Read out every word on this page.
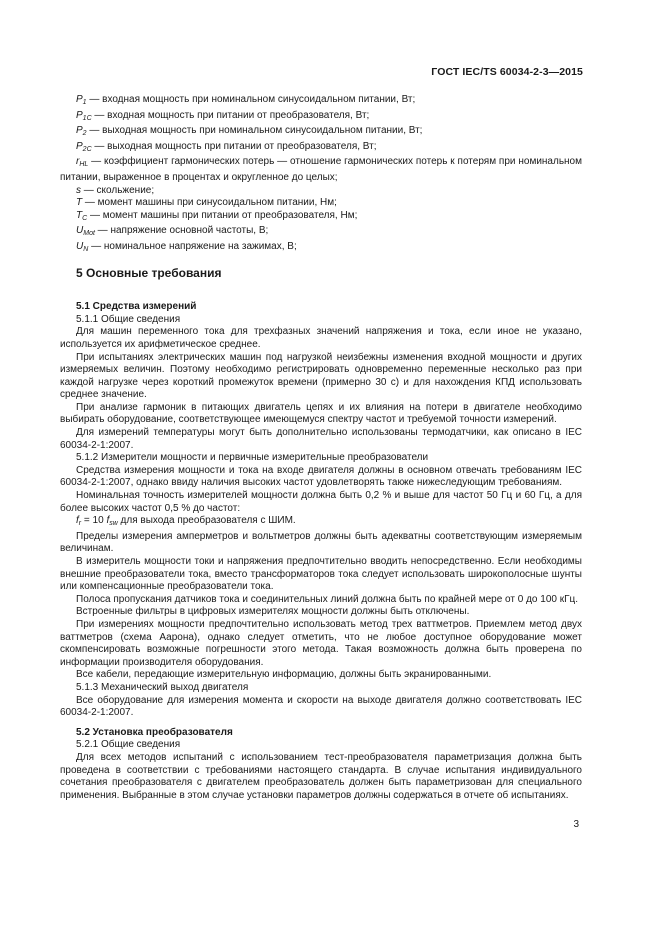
ГОСТ IEC/TS 60034-2-3—2015
$P_1$ — входная мощность при номинальном синусоидальном питании, Вт;
$P_{1С}$ — входная мощность при питании от преобразователя, Вт;
$P_2$ — выходная мощность при номинальном синусоидальном питании, Вт;
$P_{2С}$ — выходная мощность при питании от преобразователя, Вт;
$r_{HL}$ — коэффициент гармонических потерь — отношение гармонических потерь к потерям при номинальном питании, выраженное в процентах и округленное до целых;
s — скольжение;
T — момент машины при синусоидальном питании, Нм;
$T_C$ — момент машины при питании от преобразователя, Нм;
$U_{Mot}$ — напряжение основной частоты, В;
$U_N$ — номинальное напряжение на зажимах, В;
5 Основные требования
5.1 Средства измерений
5.1.1 Общие сведения
Для машин переменного тока для трехфазных значений напряжения и тока, если иное не указано, используется их арифметическое среднее.
При испытаниях электрических машин под нагрузкой неизбежны изменения входной мощности и других измеряемых величин. Поэтому необходимо регистрировать одновременно переменные несколько раз при каждой нагрузке через короткий промежуток времени (примерно 30 с) и для нахождения КПД использовать среднее значение.
При анализе гармоник в питающих двигатель цепях и их влияния на потери в двигателе необходимо выбирать оборудование, соответствующее имеющемуся спектру частот и требуемой точности измерений.
Для измерений температуры могут быть дополнительно использованы термодатчики, как описано в IEC 60034-2-1:2007.
5.1.2 Измерители мощности и первичные измерительные преобразователи
Средства измерения мощности и тока на входе двигателя должны в основном отвечать требованиям IEC 60034-2-1:2007, однако ввиду наличия высоких частот удовлетворять также нижеследующим требованиям.
Номинальная точность измерителей мощности должна быть 0,2 % и выше для частот 50 Гц и 60 Гц, а для более высоких частот 0,5 % до частот:
$f_r = 10$ $f_{sw}$ для выхода преобразователя с ШИМ.
Пределы измерения амперметров и вольтметров должны быть адекватны соответствующим измеряемым величинам.
В измеритель мощности токи и напряжения предпочтительно вводить непосредственно. Если необходимы внешние преобразователи тока, вместо трансформаторов тока следует использовать широкополосные шунты или компенсационные преобразователи тока.
Полоса пропускания датчиков тока и соединительных линий должна быть по крайней мере от 0 до 100 кГц.
Встроенные фильтры в цифровых измерителях мощности должны быть отключены.
При измерениях мощности предпочтительно использовать метод трех ваттметров. Приемлем метод двух ваттметров (схема Аарона), однако следует отметить, что не любое доступное оборудование может скомпенсировать возможные погрешности этого метода. Такая возможность должна быть проверена по информации производителя оборудования.
Все кабели, передающие измерительную информацию, должны быть экранированными.
5.1.3 Механический выход двигателя
Все оборудование для измерения момента и скорости на выходе двигателя должно соответствовать IEC 60034-2-1:2007.
5.2 Установка преобразователя
5.2.1 Общие сведения
Для всех методов испытаний с использованием тест-преобразователя параметризация должна быть проведена в соответствии с требованиями настоящего стандарта. В случае испытания индивидуального сочетания преобразователя с двигателем преобразователь должен быть параметризован для специального применения. Выбранные в этом случае установки параметров должны содержаться в отчете об испытаниях.
3
